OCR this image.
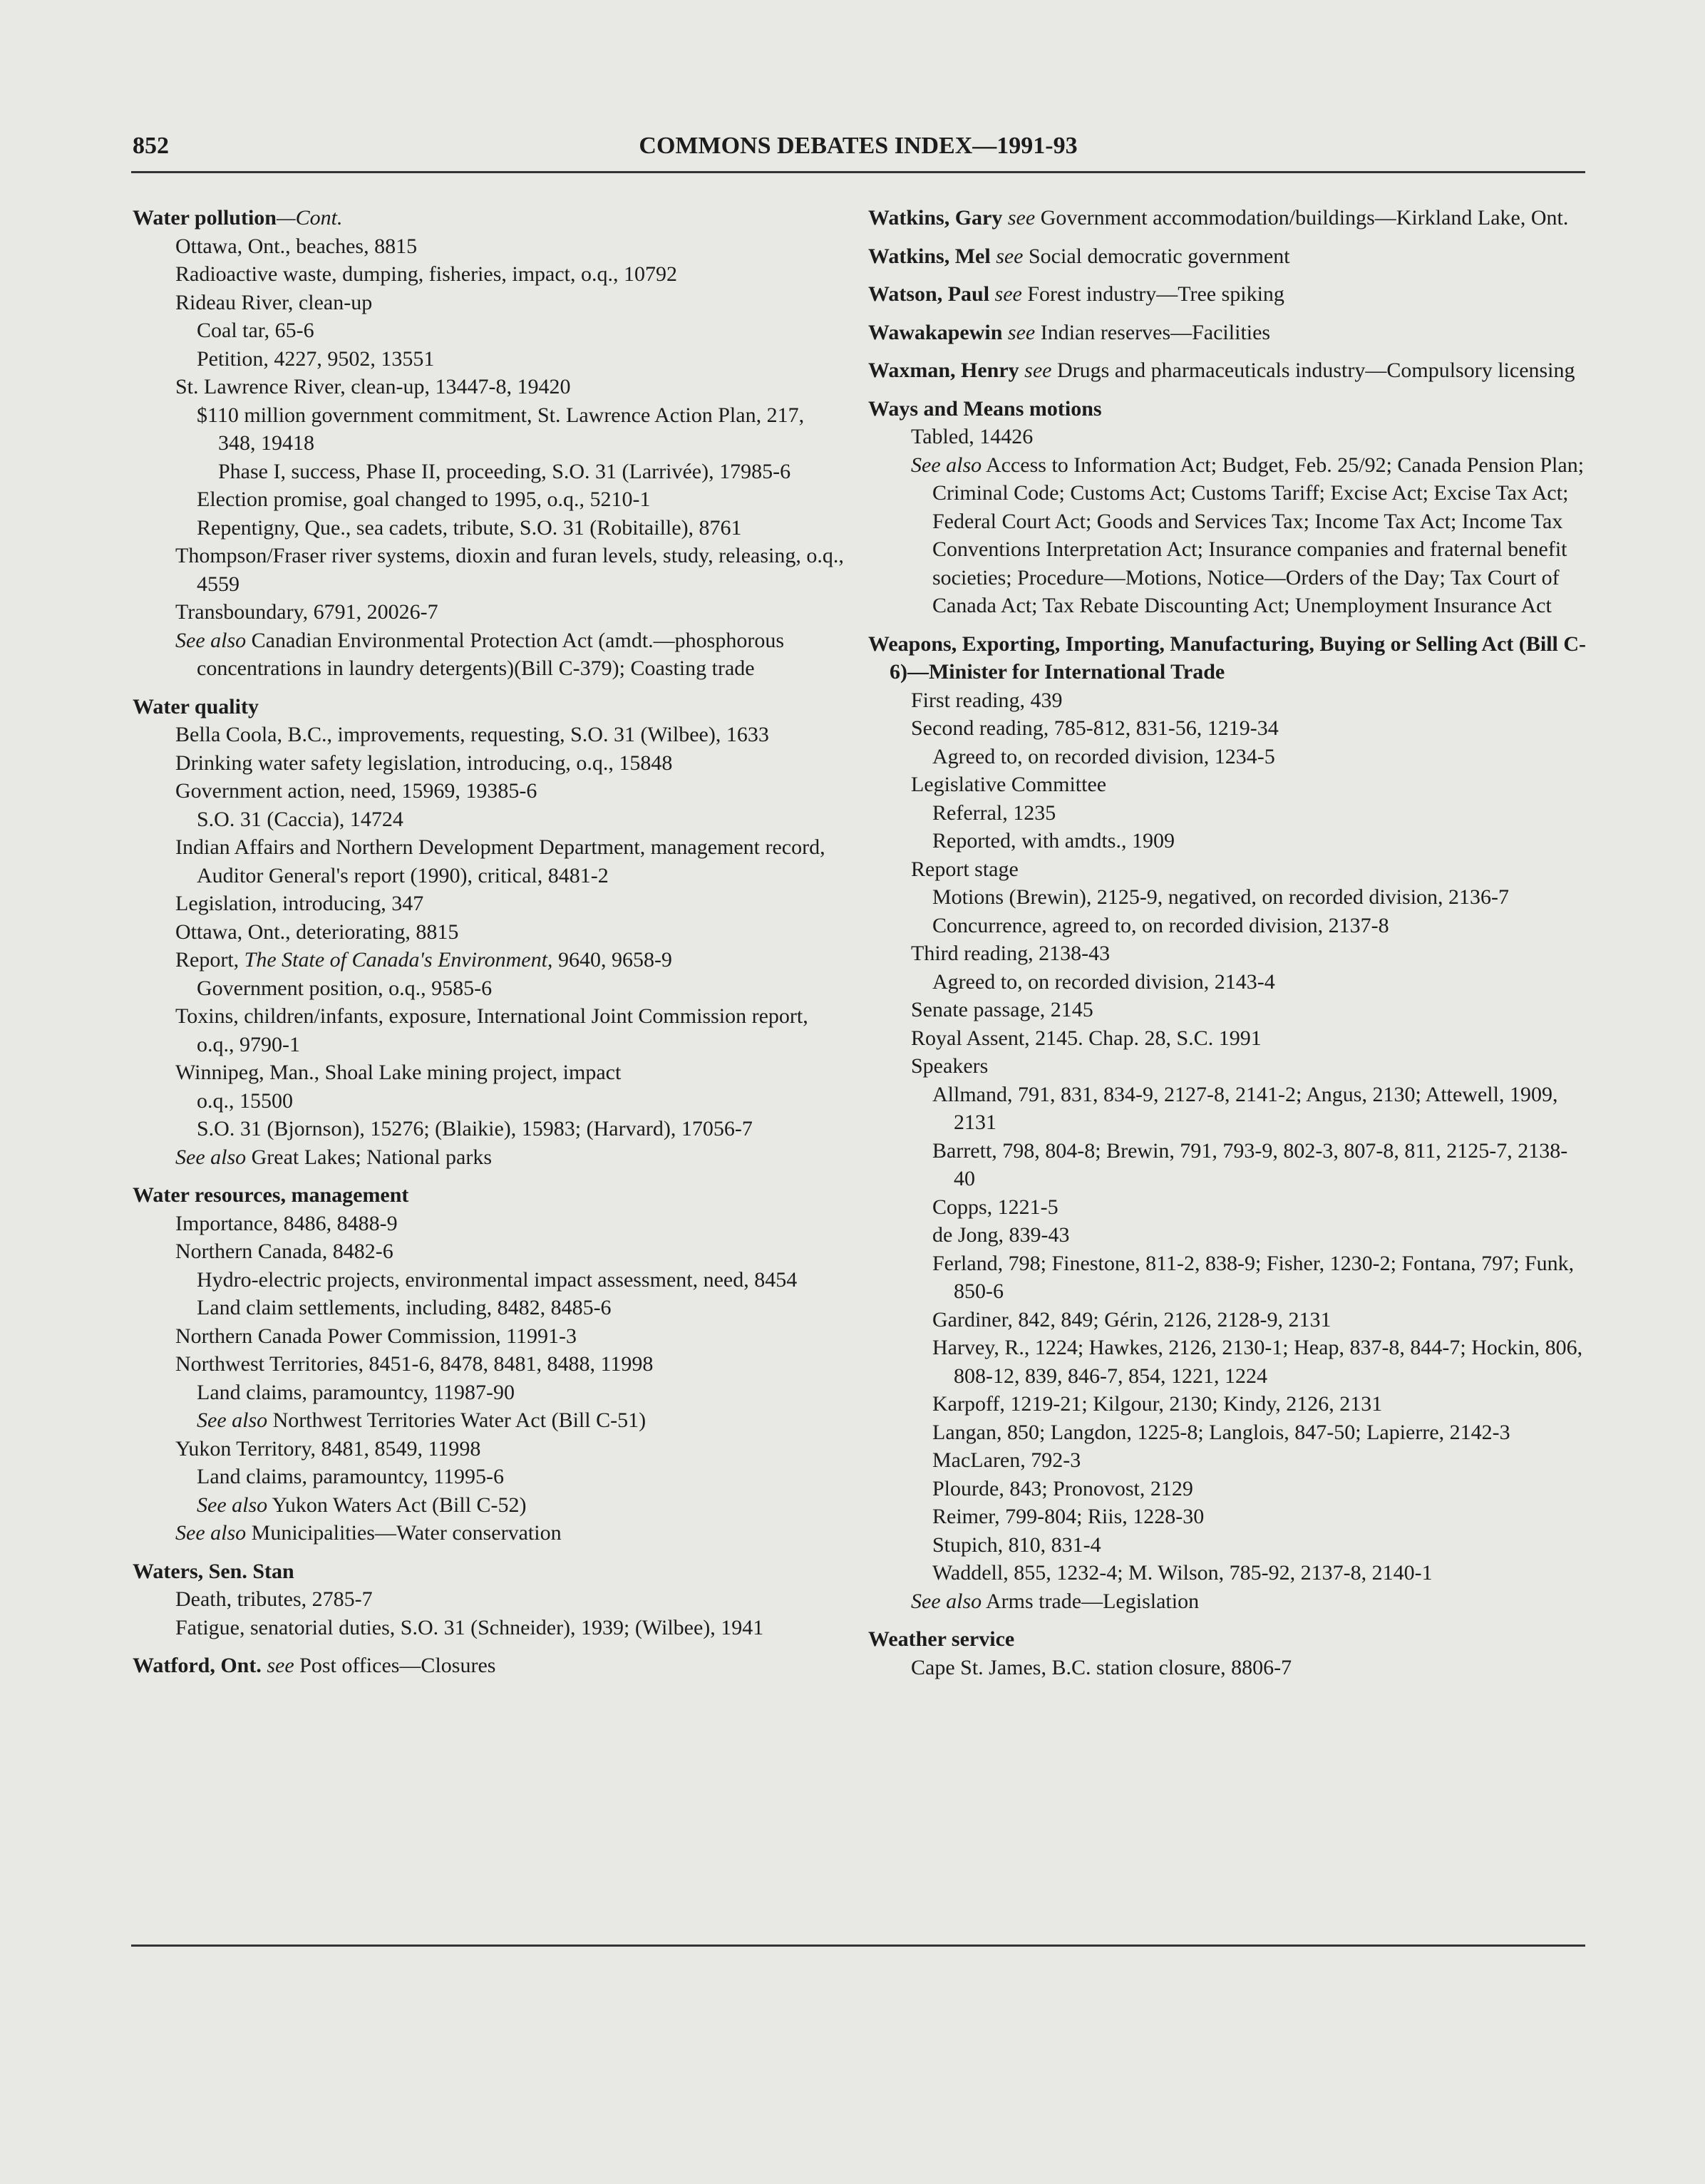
852	COMMONS DEBATES INDEX—1991-93
Water pollution—Cont.
Ottawa, Ont., beaches, 8815
Radioactive waste, dumping, fisheries, impact, o.q., 10792
Rideau River, clean-up
Coal tar, 65-6
Petition, 4227, 9502, 13551
St. Lawrence River, clean-up, 13447-8, 19420
$110 million government commitment, St. Lawrence Action Plan, 217, 348, 19418
Phase I, success, Phase II, proceeding, S.O. 31 (Larrivée), 17985-6
Election promise, goal changed to 1995, o.q., 5210-1
Repentigny, Que., sea cadets, tribute, S.O. 31 (Robitaille), 8761
Thompson/Fraser river systems, dioxin and furan levels, study, releasing, o.q., 4559
Transboundary, 6791, 20026-7
See also Canadian Environmental Protection Act (amdt.—phosphorous concentrations in laundry detergents)(Bill C-379); Coasting trade
Water quality
Bella Coola, B.C., improvements, requesting, S.O. 31 (Wilbee), 1633
Drinking water safety legislation, introducing, o.q., 15848
Government action, need, 15969, 19385-6
S.O. 31 (Caccia), 14724
Indian Affairs and Northern Development Department, management record, Auditor General's report (1990), critical, 8481-2
Legislation, introducing, 347
Ottawa, Ont., deteriorating, 8815
Report, The State of Canada's Environment, 9640, 9658-9
Government position, o.q., 9585-6
Toxins, children/infants, exposure, International Joint Commission report, o.q., 9790-1
Winnipeg, Man., Shoal Lake mining project, impact
o.q., 15500
S.O. 31 (Bjornson), 15276; (Blaikie), 15983; (Harvard), 17056-7
See also Great Lakes; National parks
Water resources, management
Importance, 8486, 8488-9
Northern Canada, 8482-6
Hydro-electric projects, environmental impact assessment, need, 8454
Land claim settlements, including, 8482, 8485-6
Northern Canada Power Commission, 11991-3
Northwest Territories, 8451-6, 8478, 8481, 8488, 11998
Land claims, paramountcy, 11987-90
See also Northwest Territories Water Act (Bill C-51)
Yukon Territory, 8481, 8549, 11998
Land claims, paramountcy, 11995-6
See also Yukon Waters Act (Bill C-52)
See also Municipalities—Water conservation
Waters, Sen. Stan
Death, tributes, 2785-7
Fatigue, senatorial duties, S.O. 31 (Schneider), 1939; (Wilbee), 1941
Watford, Ont. see Post offices—Closures
Watkins, Gary see Government accommodation/buildings—Kirkland Lake, Ont.
Watkins, Mel see Social democratic government
Watson, Paul see Forest industry—Tree spiking
Wawakapewin see Indian reserves—Facilities
Waxman, Henry see Drugs and pharmaceuticals industry—Compulsory licensing
Ways and Means motions
Tabled, 14426
See also Access to Information Act; Budget, Feb. 25/92; Canada Pension Plan; Criminal Code; Customs Act; Customs Tariff; Excise Act; Excise Tax Act; Federal Court Act; Goods and Services Tax; Income Tax Act; Income Tax Conventions Interpretation Act; Insurance companies and fraternal benefit societies; Procedure—Motions, Notice—Orders of the Day; Tax Court of Canada Act; Tax Rebate Discounting Act; Unemployment Insurance Act
Weapons, Exporting, Importing, Manufacturing, Buying or Selling Act (Bill C-6)—Minister for International Trade
First reading, 439
Second reading, 785-812, 831-56, 1219-34
Agreed to, on recorded division, 1234-5
Legislative Committee
Referral, 1235
Reported, with amdts., 1909
Report stage
Motions (Brewin), 2125-9, negatived, on recorded division, 2136-7
Concurrence, agreed to, on recorded division, 2137-8
Third reading, 2138-43
Agreed to, on recorded division, 2143-4
Senate passage, 2145
Royal Assent, 2145. Chap. 28, S.C. 1991
Speakers
Allmand, 791, 831, 834-9, 2127-8, 2141-2; Angus, 2130; Attewell, 1909, 2131
Barrett, 798, 804-8; Brewin, 791, 793-9, 802-3, 807-8, 811, 2125-7, 2138-40
Copps, 1221-5
de Jong, 839-43
Ferland, 798; Finestone, 811-2, 838-9; Fisher, 1230-2; Fontana, 797; Funk, 850-6
Gardiner, 842, 849; Gérin, 2126, 2128-9, 2131
Harvey, R., 1224; Hawkes, 2126, 2130-1; Heap, 837-8, 844-7; Hockin, 806, 808-12, 839, 846-7, 854, 1221, 1224
Karpoff, 1219-21; Kilgour, 2130; Kindy, 2126, 2131
Langan, 850; Langdon, 1225-8; Langlois, 847-50; Lapierre, 2142-3
MacLaren, 792-3
Plourde, 843; Pronovost, 2129
Reimer, 799-804; Riis, 1228-30
Stupich, 810, 831-4
Waddell, 855, 1232-4; M. Wilson, 785-92, 2137-8, 2140-1
See also Arms trade—Legislation
Weather service
Cape St. James, B.C. station closure, 8806-7
